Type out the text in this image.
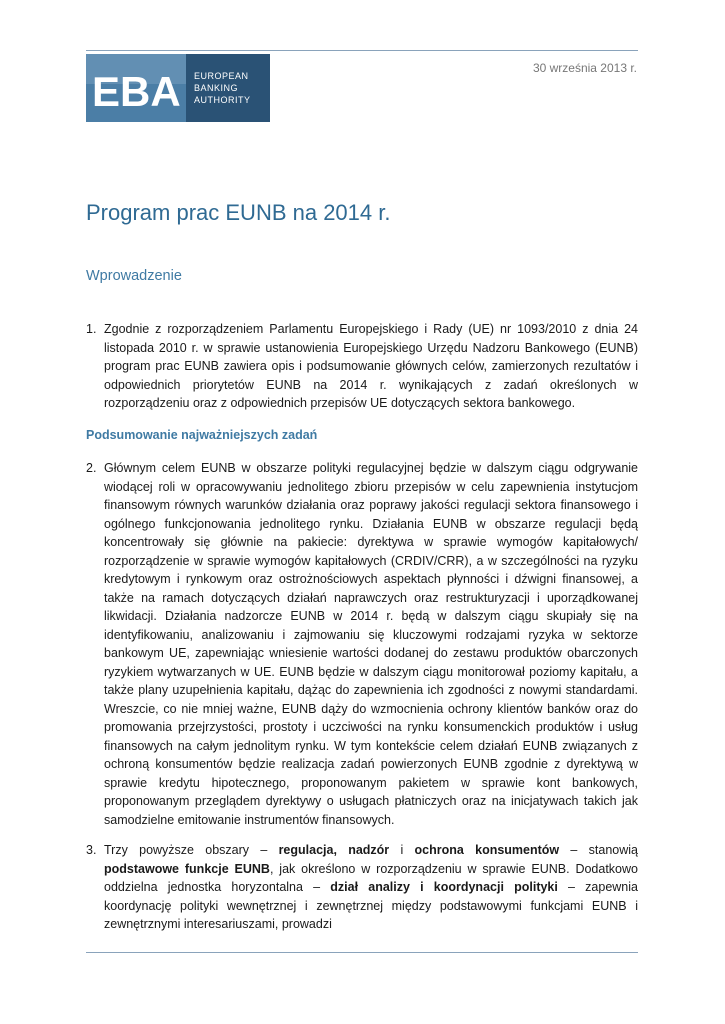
EBA EUROPEAN
BANKING
AUTHORITY
30 września 2013 r.
Program prac EUNB na 2014 r.
Wprowadzenie
1. Zgodnie z rozporządzeniem Parlamentu Europejskiego i Rady (UE) nr 1093/2010 z dnia 24 listopada 2010 r. w sprawie ustanowienia Europejskiego Urzędu Nadzoru Bankowego (EUNB) program prac EUNB zawiera opis i podsumowanie głównych celów, zamierzonych rezultatów i odpowiednich priorytetów EUNB na 2014 r. wynikających z zadań określonych w rozporządzeniu oraz z odpowiednich przepisów UE dotyczących sektora bankowego.
Podsumowanie najważniejszych zadań
2. Głównym celem EUNB w obszarze polityki regulacyjnej będzie w dalszym ciągu odgrywanie wiodącej roli w opracowywaniu jednolitego zbioru przepisów w celu zapewnienia instytucjom finansowym równych warunków działania oraz poprawy jakości regulacji sektora finansowego i ogólnego funkcjonowania jednolitego rynku. Działania EUNB w obszarze regulacji będą koncentrowały się głównie na pakiecie: dyrektywa w sprawie wymogów kapitałowych/ rozporządzenie w sprawie wymogów kapitałowych (CRDIV/CRR), a w szczególności na ryzyku kredytowym i rynkowym oraz ostrożnościowych aspektach płynności i dźwigni finansowej, a także na ramach dotyczących działań naprawczych oraz restrukturyzacji i uporządkowanej likwidacji. Działania nadzorcze EUNB w 2014 r. będą w dalszym ciągu skupiały się na identyfikowaniu, analizowaniu i zajmowaniu się kluczowymi rodzajami ryzyka w sektorze bankowym UE, zapewniając wniesienie wartości dodanej do zestawu produktów obarczonych ryzykiem wytwarzanych w UE. EUNB będzie w dalszym ciągu monitorował poziomy kapitału, a także plany uzupełnienia kapitału, dążąc do zapewnienia ich zgodności z nowymi standardami. Wreszcie, co nie mniej ważne, EUNB dąży do wzmocnienia ochrony klientów banków oraz do promowania przejrzystości, prostoty i uczciwości na rynku konsumenckich produktów i usług finansowych na całym jednolitym rynku. W tym kontekście celem działań EUNB związanych z ochroną konsumentów będzie realizacja zadań powierzonych EUNB zgodnie z dyrektywą w sprawie kredytu hipotecznego, proponowanym pakietem w sprawie kont bankowych, proponowanym przeglądem dyrektywy o usługach płatniczych oraz na inicjatywach takich jak samodzielne emitowanie instrumentów finansowych.
3. Trzy powyższe obszary – regulacja, nadzór i ochrona konsumentów – stanowią podstawowe funkcje EUNB, jak określono w rozporządzeniu w sprawie EUNB. Dodatkowo oddzielna jednostka horyzontalna – dział analizy i koordynacji polityki – zapewnia koordynację polityki wewnętrznej i zewnętrznej między podstawowymi funkcjami EUNB i zewnętrznymi interesariuszami, prowadzi
